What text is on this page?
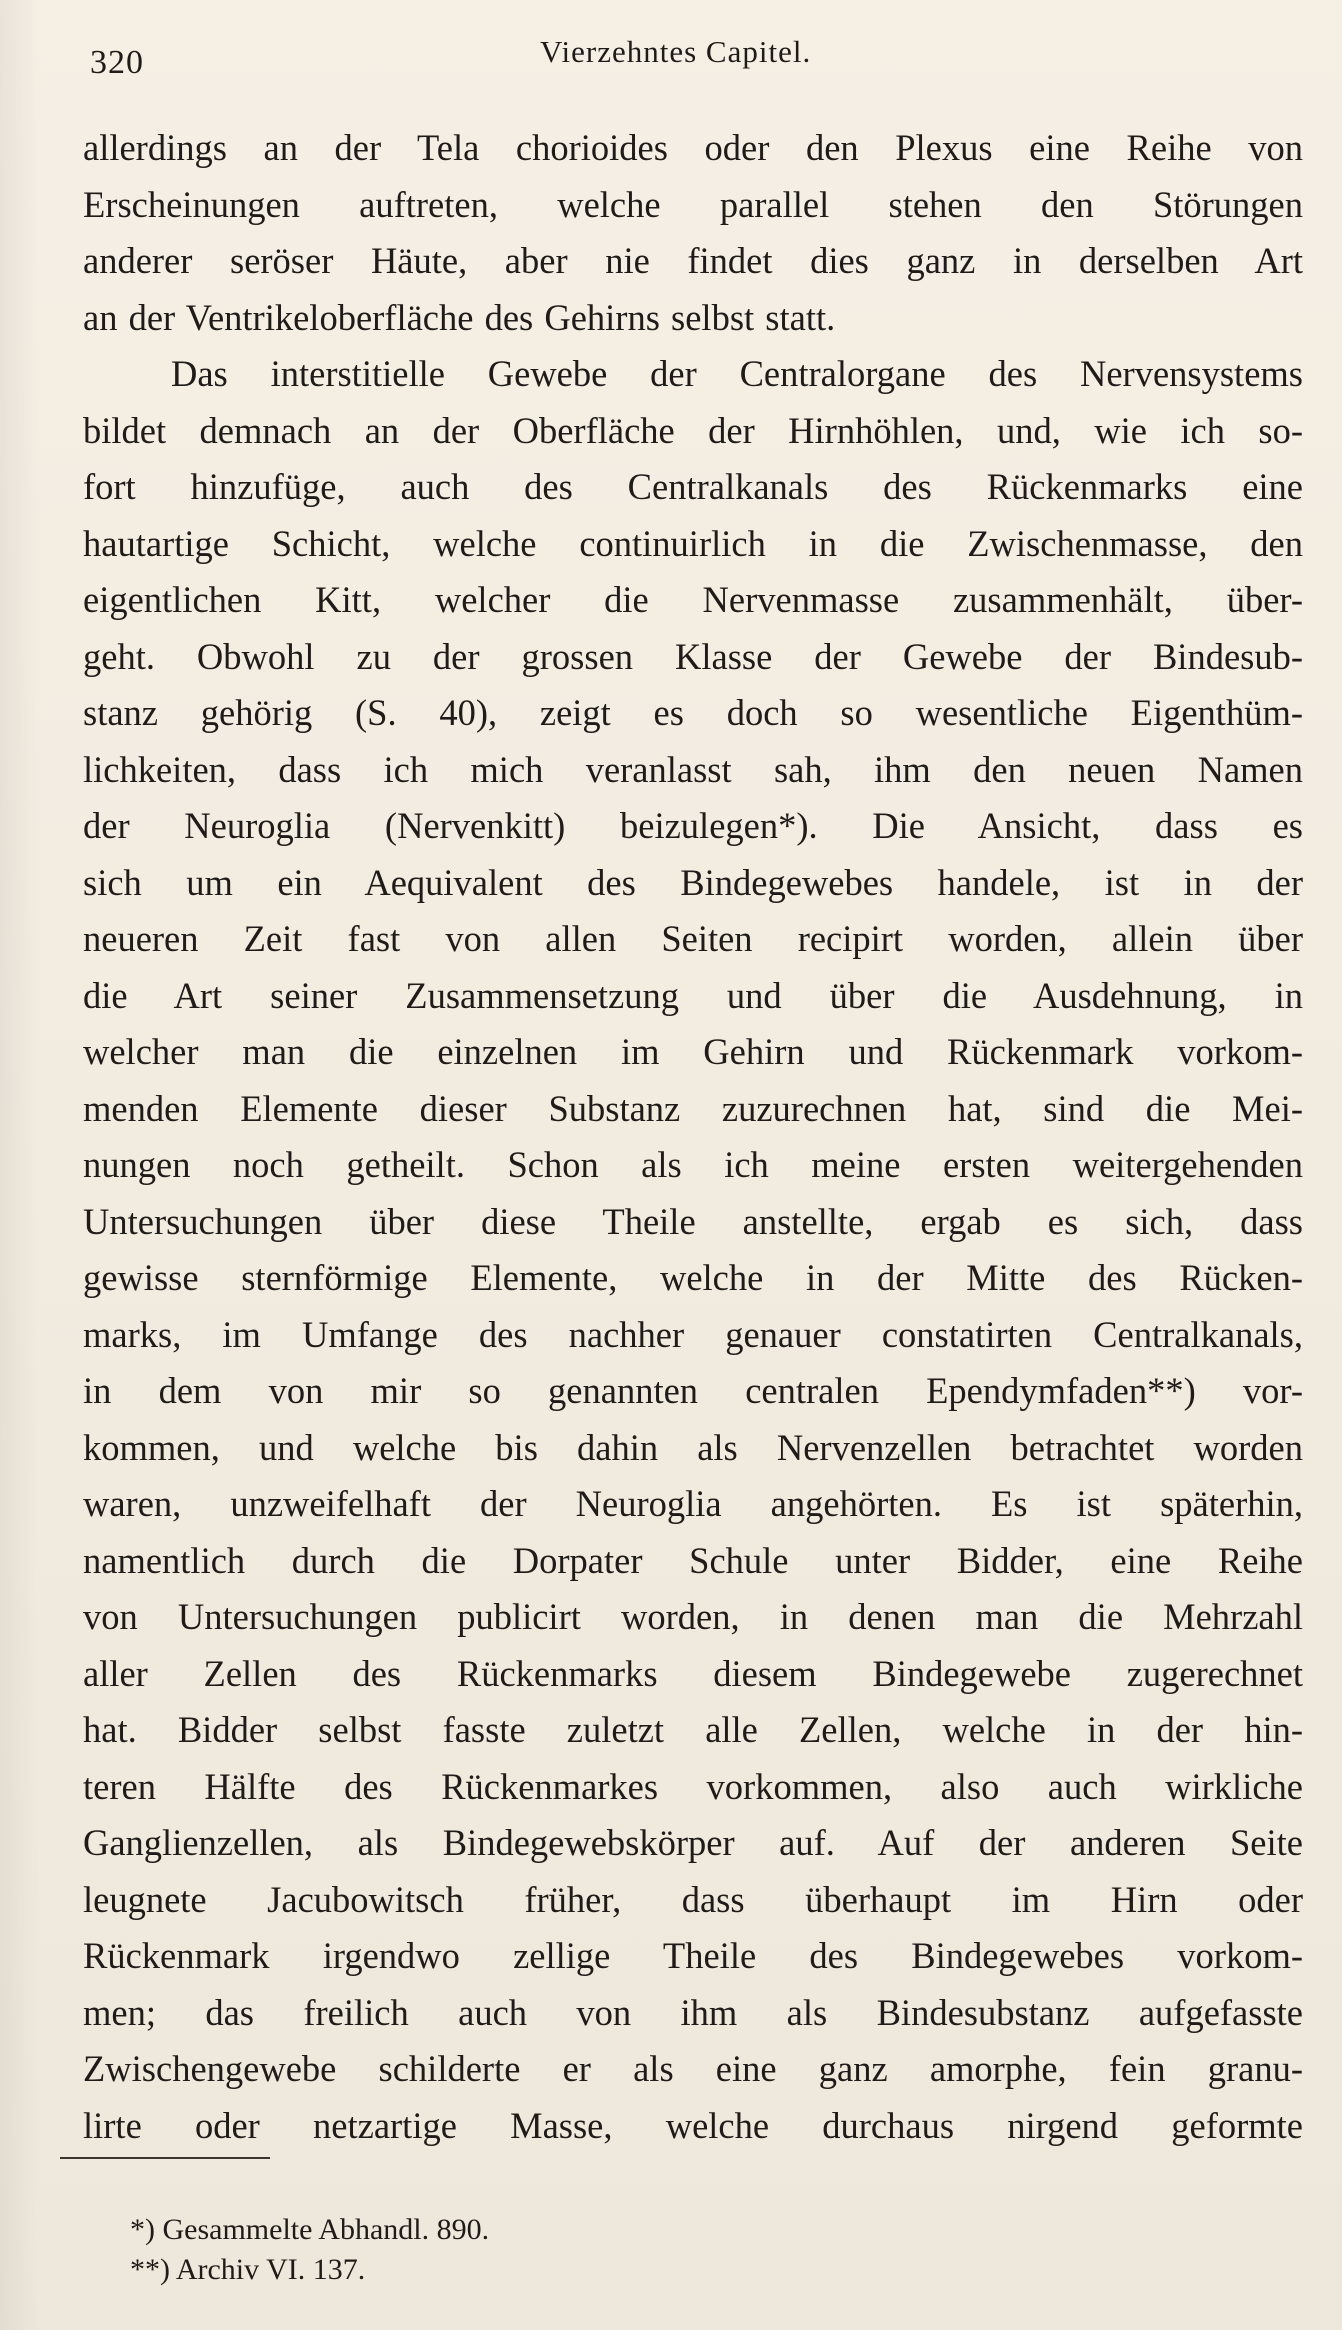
320	Vierzehntes Capitel.
allerdings an der Tela chorioides oder den Plexus eine Reihe von
Erscheinungen auftreten, welche parallel stehen den Störungen
anderer seröser Häute, aber nie findet dies ganz in derselben Art
an der Ventrikeloberfläche des Gehirns selbst statt.
Das interstitielle Gewebe der Centralorgane des Nervensystems
bildet demnach an der Oberfläche der Hirnhöhlen, und, wie ich so-
fort hinzufüge, auch des Centralkanals des Rückenmarks eine
hautartige Schicht, welche continuirlich in die Zwischenmasse, den
eigentlichen Kitt, welcher die Nervenmasse zusammenhält, über-
geht. Obwohl zu der grossen Klasse der Gewebe der Bindesub-
stanz gehörig (S. 40), zeigt es doch so wesentliche Eigenthüm-
lichkeiten, dass ich mich veranlasst sah, ihm den neuen Namen
der Neuroglia (Nervenkitt) beizulegen*). Die Ansicht, dass es
sich um ein Aequivalent des Bindegewebes handele, ist in der
neueren Zeit fast von allen Seiten recipirt worden, allein über
die Art seiner Zusammensetzung und über die Ausdehnung, in
welcher man die einzelnen im Gehirn und Rückenmark vorkom-
menden Elemente dieser Substanz zuzurechnen hat, sind die Mei-
nungen noch getheilt. Schon als ich meine ersten weitergehenden
Untersuchungen über diese Theile anstellte, ergab es sich, dass
gewisse sternförmige Elemente, welche in der Mitte des Rücken-
marks, im Umfange des nachher genauer constatirten Centralkanals,
in dem von mir so genannten centralen Ependymfaden**) vor-
kommen, und welche bis dahin als Nervenzellen betrachtet worden
waren, unzweifelhaft der Neuroglia angehörten. Es ist späterhin,
namentlich durch die Dorpater Schule unter Bidder, eine Reihe
von Untersuchungen publicirt worden, in denen man die Mehrzahl
aller Zellen des Rückenmarks diesem Bindegewebe zugerechnet
hat. Bidder selbst fasste zuletzt alle Zellen, welche in der hin-
teren Hälfte des Rückenmarkes vorkommen, also auch wirkliche
Ganglienzellen, als Bindegewebskörper auf. Auf der anderen Seite
leugnete Jacubowitsch früher, dass überhaupt im Hirn oder
Rückenmark irgendwo zellige Theile des Bindegewebes vorkom-
men; das freilich auch von ihm als Bindesubstanz aufgefasste
Zwischengewebe schilderte er als eine ganz amorphe, fein granu-
lirte oder netzartige Masse, welche durchaus nirgend geformte
*) Gesammelte Abhandl. 890.
**) Archiv VI. 137.
